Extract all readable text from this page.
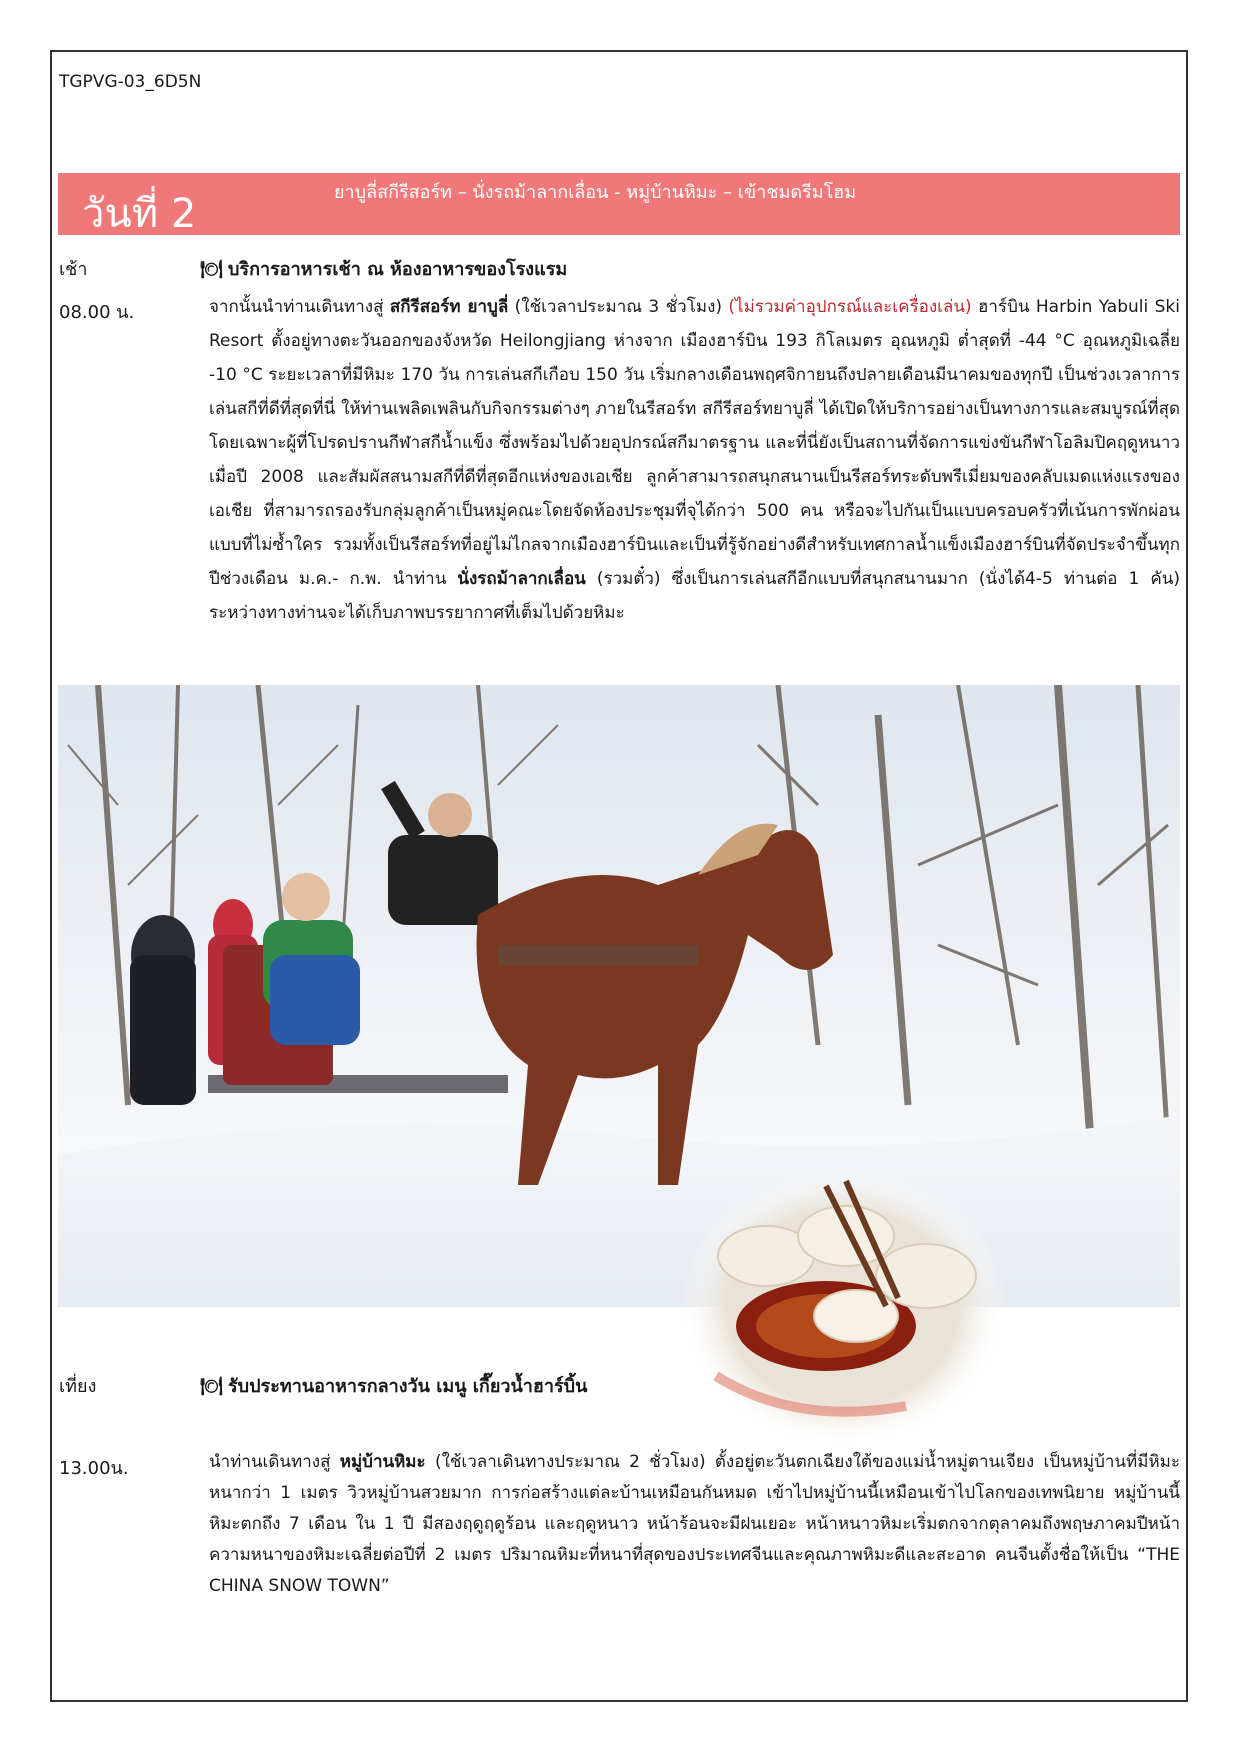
TGPVG-03_6D5N
วันที่ 2	ยาบูลี่สกีรีสอร์ท – นั่งรถม้าลากเลื่อน - หมู่บ้านหิมะ – เข้าชมดรีมโฮม
เช้า	🍽 บริการอาหารเช้า ณ ห้องอาหารของโรงแรม
08.00 น.	จากนั้นนำท่านเดินทางสู่ สกีรีสอร์ท ยาบูลี่ (ใช้เวลาประมาณ 3 ชั่วโมง) (ไม่รวมค่าอุปกรณ์และเครื่องเล่น) ฮาร์บิน Harbin Yabuli Ski Resort ตั้งอยู่ทางตะวันออกของจังหวัด Heilongjiang ห่างจาก เมืองฮาร์บิน 193 กิโลเมตร อุณหภูมิ ต่ำสุดที่ -44 °C อุณหภูมิเฉลี่ย -10 °C ระยะเวลาที่มีหิมะ 170 วัน การเล่นสกีเกือบ 150 วัน เริ่มกลางเดือนพฤศจิกายนถึงปลายเดือนมีนาคมของทุกปี เป็นช่วงเวลาการเล่นสกีที่ดีที่สุดที่นี่ ให้ท่านเพลิดเพลินกับกิจกรรมต่างๆ ภายในรีสอร์ท สกีรีสอร์ทยาบูลี่ ได้เปิดให้บริการอย่างเป็นทางการและสมบูรณ์ที่สุดโดยเฉพาะผู้ที่โปรดปรานกีฬาสกีน้ำแข็ง ซึ่งพร้อมไปด้วยอุปกรณ์สกีมาตรฐาน และที่นี่ยังเป็นสถานที่จัดการแข่งขันกีฬาโอลิมปิคฤดูหนาวเมื่อปี 2008 และสัมผัสสนามสกีที่ดีที่สุดอีกแห่งของเอเชีย ลูกค้าสามารถสนุกสนานเป็นรีสอร์ทระดับพรีเมี่ยมของคลับเมดแห่งแรงของเอเชีย ที่สามารถรองรับกลุ่มลูกค้าเป็นหมู่คณะโดยจัดห้องประชุมที่จุได้กว่า 500 คน หรือจะไปกันเป็นแบบครอบครัวที่เน้นการพักผ่อนแบบที่ไม่ซ้ำใคร รวมทั้งเป็นรีสอร์ทที่อยู่ไม่ไกลจากเมืองฮาร์บินและเป็นที่รู้จักอย่างดีสำหรับเทศกาลน้ำแข็งเมืองฮาร์บินที่จัดประจำขึ้นทุกปีช่วงเดือน ม.ค.- ก.พ. นำท่าน นั่งรถม้าลากเลื่อน (รวมตั๋ว) ซึ่งเป็นการเล่นสกีอีกแบบที่สนุกสนานมาก (นั่งได้4-5 ท่านต่อ 1 คัน) ระหว่างทางท่านจะได้เก็บภาพบรรยากาศที่เต็มไปด้วยหิมะ
เที่ยง	🍽 รับประทานอาหารกลางวัน เมนู เกี๊ยวน้ำฮาร์บิ้น
13.00น.	นำท่านเดินทางสู่ หมู่บ้านหิมะ (ใช้เวลาเดินทางประมาณ 2 ชั่วโมง) ตั้งอยู่ตะวันตกเฉียงใต้ของแม่น้ำหมู่ตานเจียง เป็นหมู่บ้านที่มีหิมะหนากว่า 1 เมตร วิวหมู่บ้านสวยมาก การก่อสร้างแต่ละบ้านเหมือนกันหมด เข้าไปหมู่บ้านนี้เหมือนเข้าไปโลกของเทพนิยาย หมู่บ้านนี้หิมะตกถึง 7 เดือน ใน 1 ปี มีสองฤดูฤดูร้อน และฤดูหนาว หน้าร้อนจะมีฝนเยอะ หน้าหนาวหิมะเริ่มตกจากตุลาคมถึงพฤษภาคมปีหน้า ความหนาของหิมะเฉลี่ยต่อปีที่ 2 เมตร ปริมาณหิมะที่หนาที่สุดของประเทศจีนและคุณภาพหิมะดีและสะอาด คนจีนตั้งชื่อให้เป็น “THE CHINA SNOW TOWN”
